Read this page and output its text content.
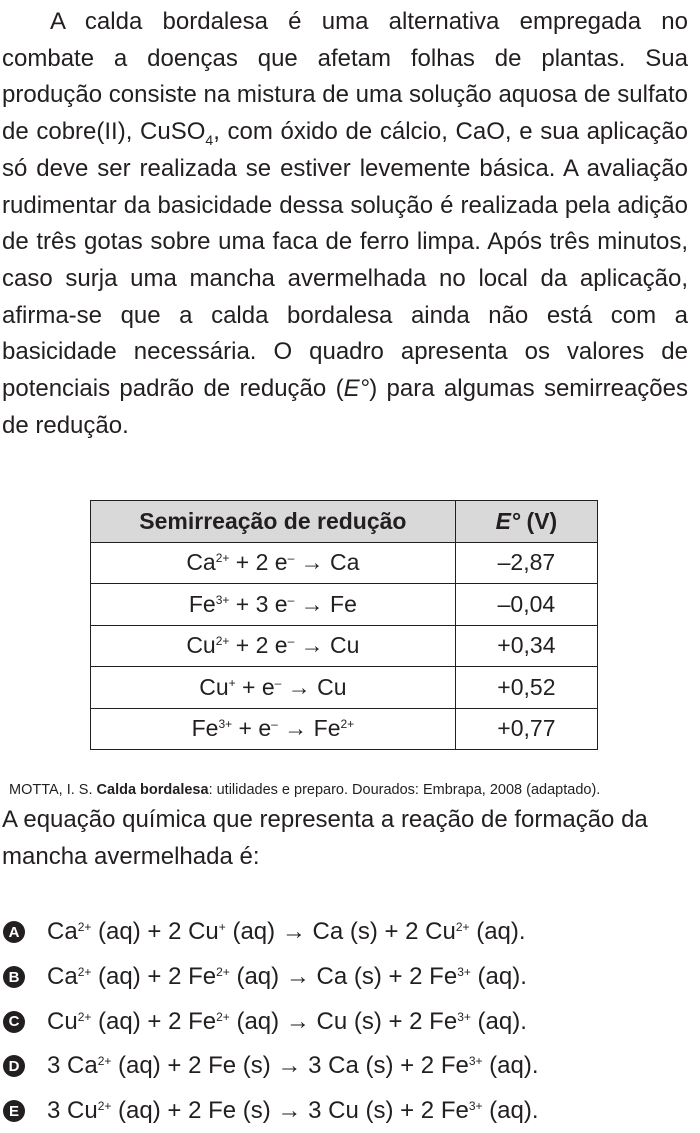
A calda bordalesa é uma alternativa empregada no combate a doenças que afetam folhas de plantas. Sua produção consiste na mistura de uma solução aquosa de sulfato de cobre(II), CuSO$_4$, com óxido de cálcio, CaO, e sua aplicação só deve ser realizada se estiver levemente básica. A avaliação rudimentar da basicidade dessa solução é realizada pela adição de três gotas sobre uma faca de ferro limpa. Após três minutos, caso surja uma mancha avermelhada no local da aplicação, afirma-se que a calda bordalesa ainda não está com a basicidade necessária. O quadro apresenta os valores de potenciais padrão de redução (E°) para algumas semirreações de redução.

Semirreação de redução	E° (V)
$Ca^{2+} + 2$ e– → Ca	–2,87
$Fe^{3+} + 3$ e– → Fe	–0,04
$Cu^{2+} + 2$ e– → Cu	+0,34
Cu+ + e– → Cu	+0,52
$Fe^{3+} + e^- \to Fe^{2+}$	+0,77
MOTTA, I. S. Calda bordalesa: utilidades e preparo. Dourados: Embrapa, 2008 (adaptado).

A equação química que representa a reação de formação da mancha avermelhada é:

A $Ca^{2+}$ (aq) + 2 Cu+ (aq) → Ca (s) + 2 $Cu^{2+}$ (aq).
B $Ca^{2+}$ (aq) + 2 $Fe^{2+}$ (aq) → Ca (s) + 2 $Fe^{3+}$ (aq).
C $Cu^{2+}$ (aq) + 2 $Fe^{2+}$ (aq) → Cu (s) + 2 $Fe^{3+}$ (aq).
D 3 $Ca^{2+}$ (aq) + 2 Fe (s) → 3 Ca (s) + 2 $Fe^{3+}$ (aq).
E 3 $Cu^{2+}$ (aq) + 2 Fe (s) → 3 Cu (s) + 2 $Fe^{3+}$ (aq).
